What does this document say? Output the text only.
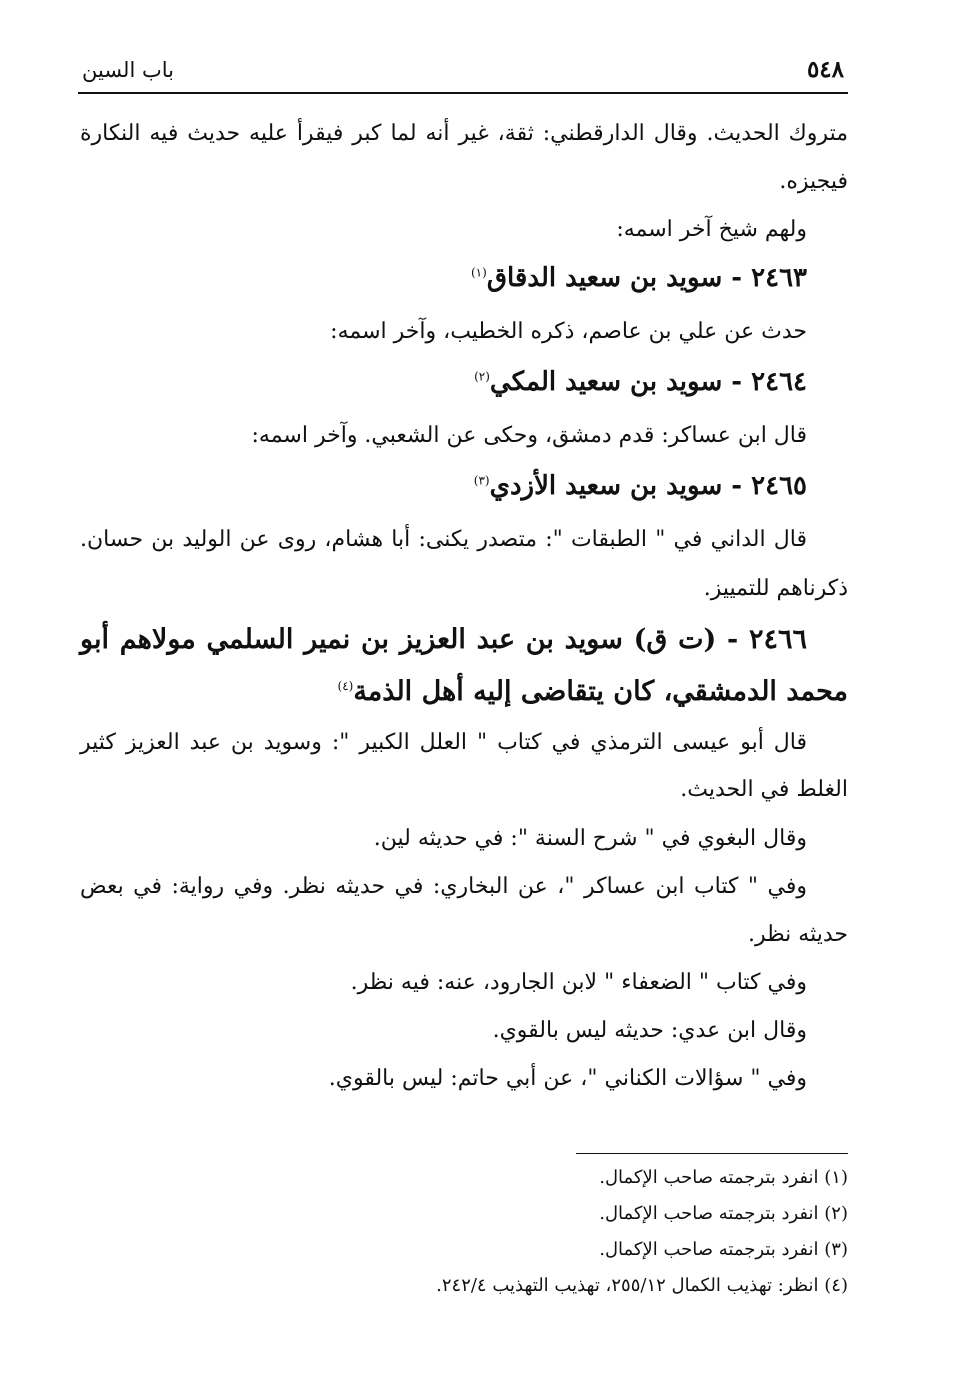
٥٤٨
باب السين

متروك الحديث. وقال الدارقطني: ثقة، غير أنه لما كبر فيقرأ عليه حديث فيه النكارة

فيجيزه.

ولهم شيخ آخر اسمه:

٢٤٦٣ - سويد بن سعيد الدقاق$^{(١)}$

حدث عن علي بن عاصم، ذكره الخطيب، وآخر اسمه:

٢٤٦٤ - سويد بن سعيد المكي$^{(٢)}$

قال ابن عساكر: قدم دمشق، وحكى عن الشعبي. وآخر اسمه:

٢٤٦٥ - سويد بن سعيد الأزدي$^{(٣)}$

قال الداني في " الطبقات ": متصدر يكنى: أبا هشام، روى عن الوليد بن حسان.

ذكرناهم للتمييز.

٢٤٦٦ - (ت ق) سويد بن عبد العزيز بن نمير السلمي مولاهم أبو

محمد الدمشقي، كان يتقاضى إليه أهل الذمة$^{(٤)}$

قال أبو عيسى الترمذي في كتاب " العلل الكبير ": وسويد بن عبد العزيز كثير

الغلط في الحديث.

وقال البغوي في " شرح السنة ": في حديثه لين.

وفي " كتاب ابن عساكر "، عن البخاري: في حديثه نظر. وفي رواية: في بعض

حديثه نظر.

وفي كتاب " الضعفاء " لابن الجارود، عنه: فيه نظر.

وقال ابن عدي: حديثه ليس بالقوي.

وفي " سؤالات الكناني "، عن أبي حاتم: ليس بالقوي.

(١) انفرد بترجمته صاحب الإكمال.

(٢) انفرد بترجمته صاحب الإكمال.

(٣) انفرد بترجمته صاحب الإكمال.

(٤) انظر: تهذيب الكمال ٢٥٥/١٢، تهذيب التهذيب ٢٤٢/٤.
